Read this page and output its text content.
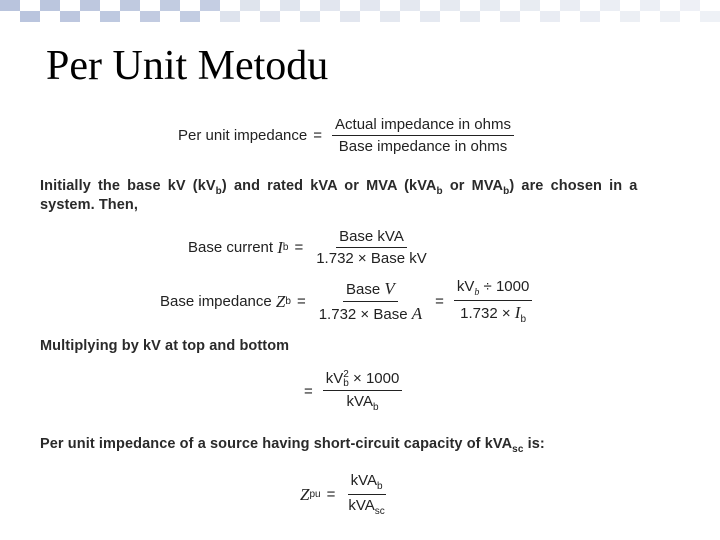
Per Unit Metodu
Per unit impedance = $\frac{\text{Actual impedance in ohms}}{\text{Base impedance in ohms}}$
Initially the base kV $(kV_b)$ and rated kVA or MVA (kVA$_b$ or $MVA_b$) are chosen in a
system. Then,
Base current
I $b = \frac{\text{Base kVA}}{\text{1.732 × Base kV}}$
Base impedance
Z $b = \frac{\text{Base V}}{\text{1.732 × Base A}} = \frac{kV_b \div 1000}{1.732 \times I_b}$
Multiplying by kV at top and bottom
= kV 2
b × 1000
kVA$_b$
Per unit impedance of a source having short-circuit capacity of kVA$_{sc}$ is:
Z pu = $\frac{kVA_b}{kVA_{sc}}$
